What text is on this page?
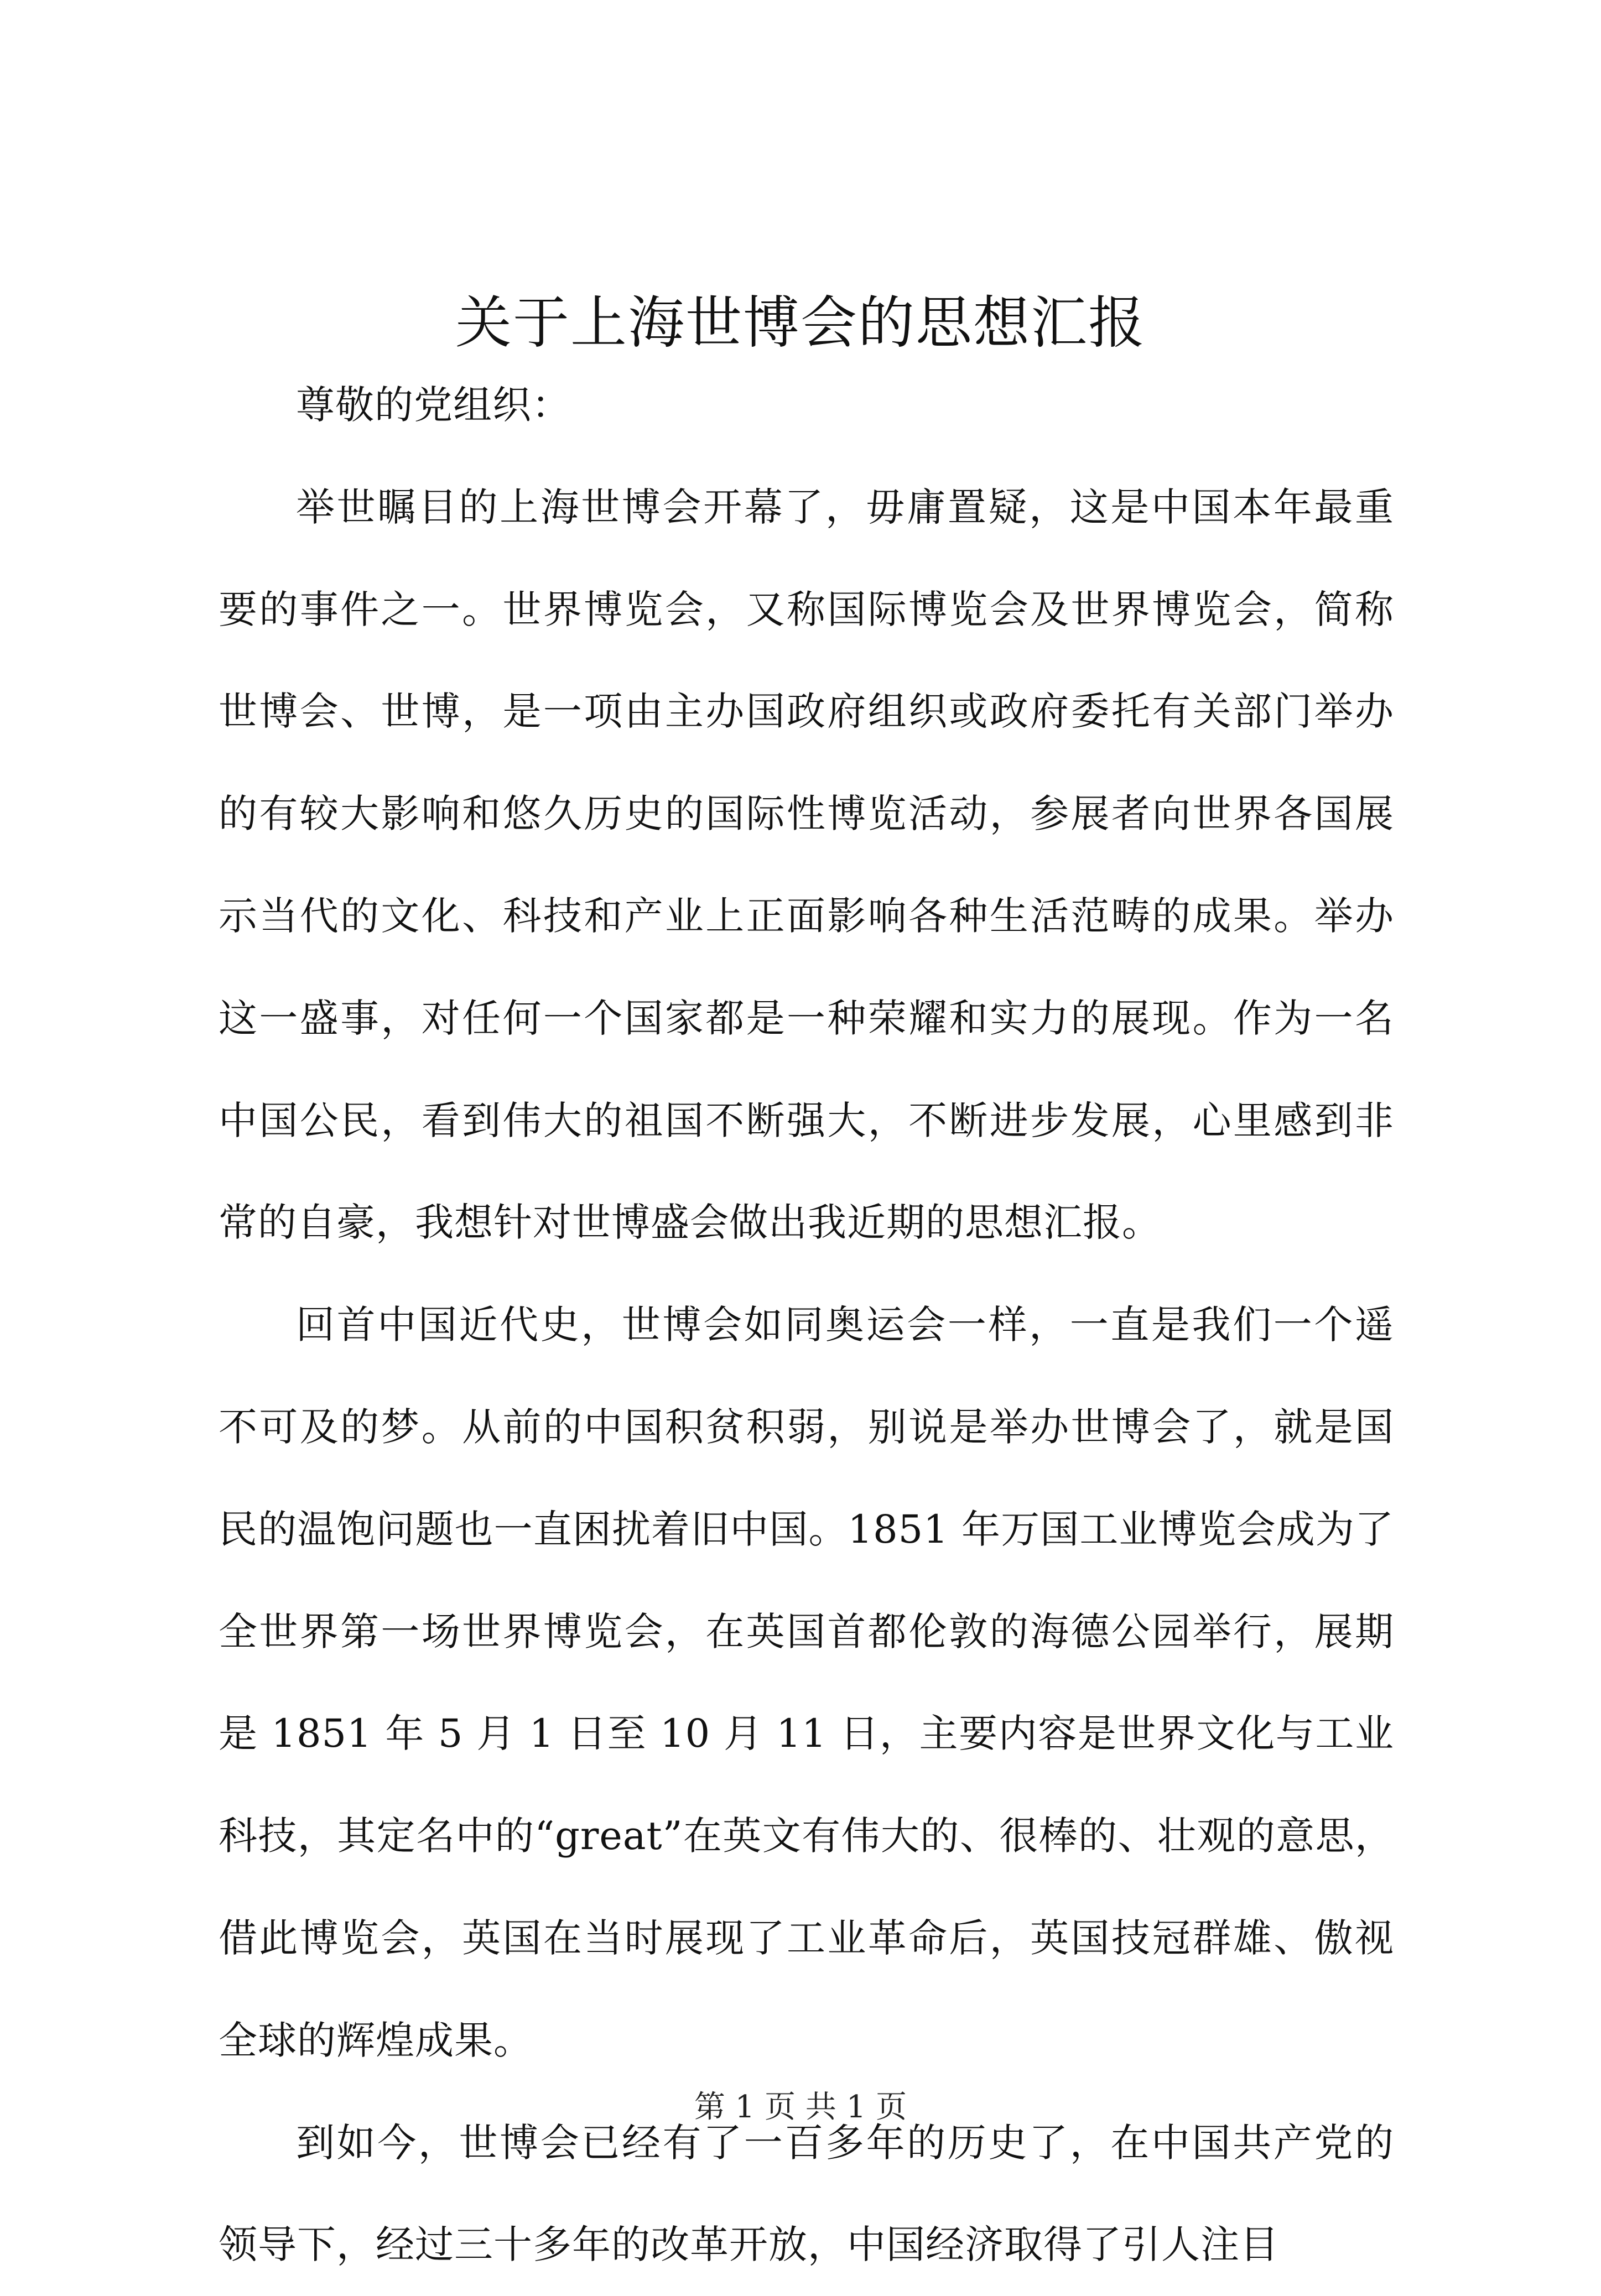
关于上海世博会的思想汇报

尊敬的党组织：

举世瞩目的上海世博会开幕了，毋庸置疑，这是中国本年最重要的事件之一。世界博览会，又称国际博览会及世界博览会，简称世博会、世博，是一项由主办国政府组织或政府委托有关部门举办的有较大影响和悠久历史的国际性博览活动，参展者向世界各国展示当代的文化、科技和产业上正面影响各种生活范畴的成果。举办这一盛事，对任何一个国家都是一种荣耀和实力的展现。作为一名中国公民，看到伟大的祖国不断强大，不断进步发展，心里感到非常的自豪，我想针对世博盛会做出我近期的思想汇报。

回首中国近代史，世博会如同奥运会一样，一直是我们一个遥不可及的梦。从前的中国积贫积弱，别说是举办世博会了，就是国民的温饱问题也一直困扰着旧中国。1851 年万国工业博览会成为了全世界第一场世界博览会，在英国首都伦敦的海德公园举行，展期是 1851 年 5 月 1 日至 10 月 11 日，主要内容是世界文化与工业科技，其定名中的“great”在英文有伟大的、很棒的、壮观的意思，借此博览会，英国在当时展现了工业革命后，英国技冠群雄、傲视全球的辉煌成果。

到如今，世博会已经有了一百多年的历史了，在中国共产党的领导下，经过三十多年的改革开放，中国经济取得了引人注目

第 1 页 共 1 页
